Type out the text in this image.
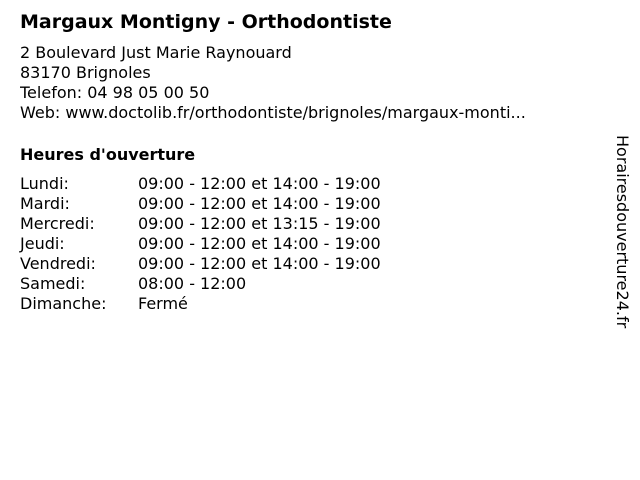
Margaux Montigny - Orthodontiste
2 Boulevard Just Marie Raynouard
83170 Brignoles
Telefon: 04 98 05 00 50
Web: www.doctolib.fr/orthodontiste/brignoles/margaux-monti...
Heures d'ouverture
Lundi:	09:00 - 12:00 et 14:00 - 19:00
Mardi:	09:00 - 12:00 et 14:00 - 19:00
Mercredi:	09:00 - 12:00 et 13:15 - 19:00
Jeudi:	09:00 - 12:00 et 14:00 - 19:00
Vendredi:	09:00 - 12:00 et 14:00 - 19:00
Samedi:	08:00 - 12:00
Dimanche:	Fermé	Horairesdouverture24.fr
